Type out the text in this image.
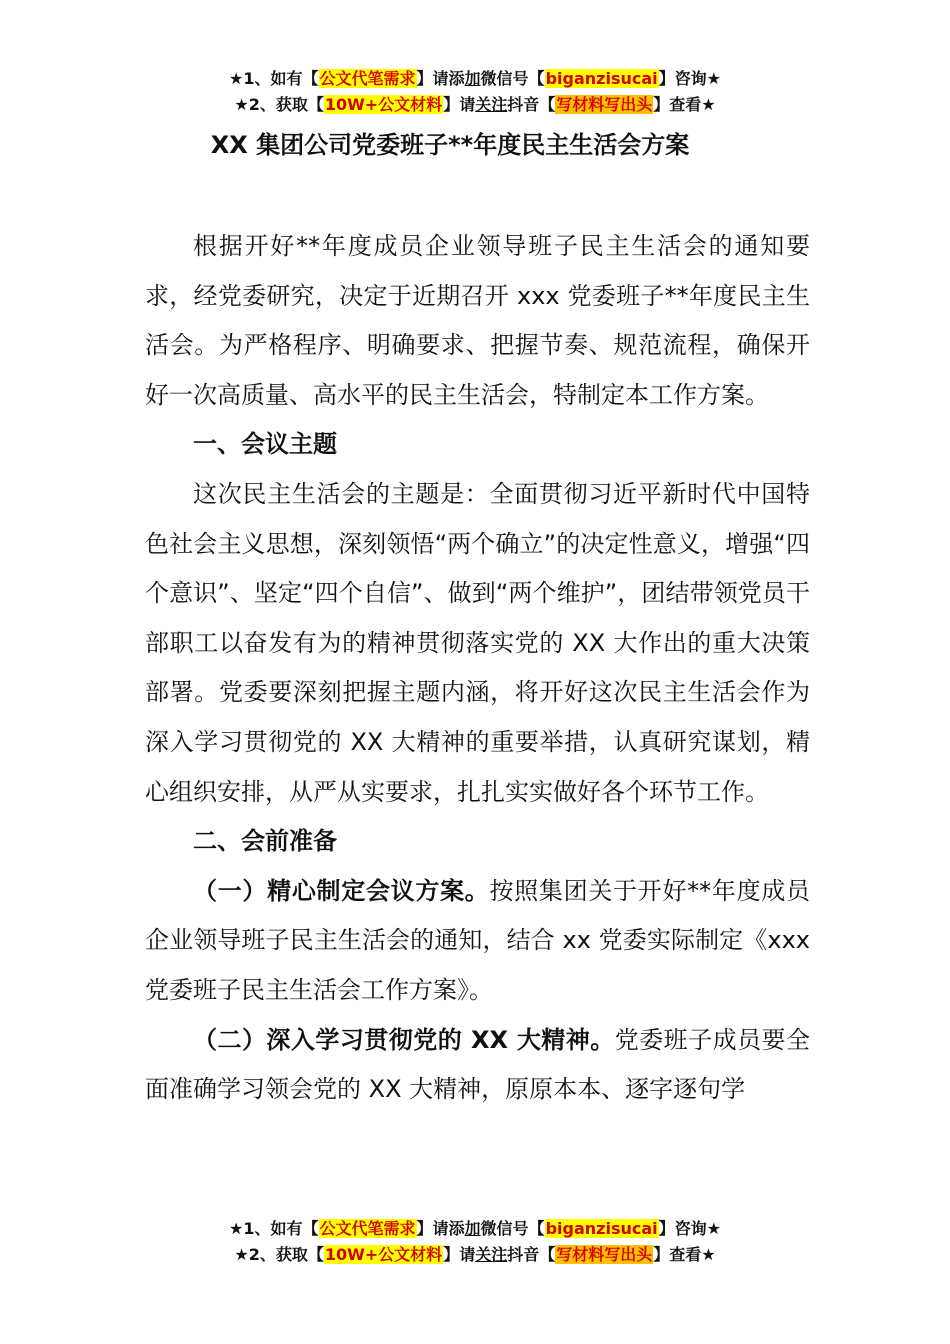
★1、如有【公文代笔需求】请添加微信号【biganzisucai】咨询★
★2、获取【10W+公文材料】请关注抖音【写材料写出头】查看★
XX 集团公司党委班子**年度民主生活会方案

根据开好**年度成员企业领导班子民主生活会的通知要求，经党委研究，决定于近期召开 xxx 党委班子**年度民主生活会。为严格程序、明确要求、把握节奏、规范流程，确保开好一次高质量、高水平的民主生活会，特制定本工作方案。

一、会议主题

这次民主生活会的主题是：全面贯彻习近平新时代中国特色社会主义思想，深刻领悟“两个确立”的决定性意义，增强“四个意识”、坚定“四个自信”、做到“两个维护”，团结带领党员干部职工以奋发有为的精神贯彻落实党的 XX 大作出的重大决策部署。党委要深刻把握主题内涵，将开好这次民主生活会作为深入学习贯彻党的 XX 大精神的重要举措，认真研究谋划，精心组织安排，从严从实要求，扎扎实实做好各个环节工作。

二、会前准备

（一）精心制定会议方案。按照集团关于开好**年度成员企业领导班子民主生活会的通知，结合 xx 党委实际制定《xxx 党委班子民主生活会工作方案》。

（二）深入学习贯彻党的 XX 大精神。党委班子成员要全面准确学习领会党的 XX 大精神，原原本本、逐字逐句学

★1、如有【公文代笔需求】请添加微信号【biganzisucai】咨询★
★2、获取【10W+公文材料】请关注抖音【写材料写出头】查看★
